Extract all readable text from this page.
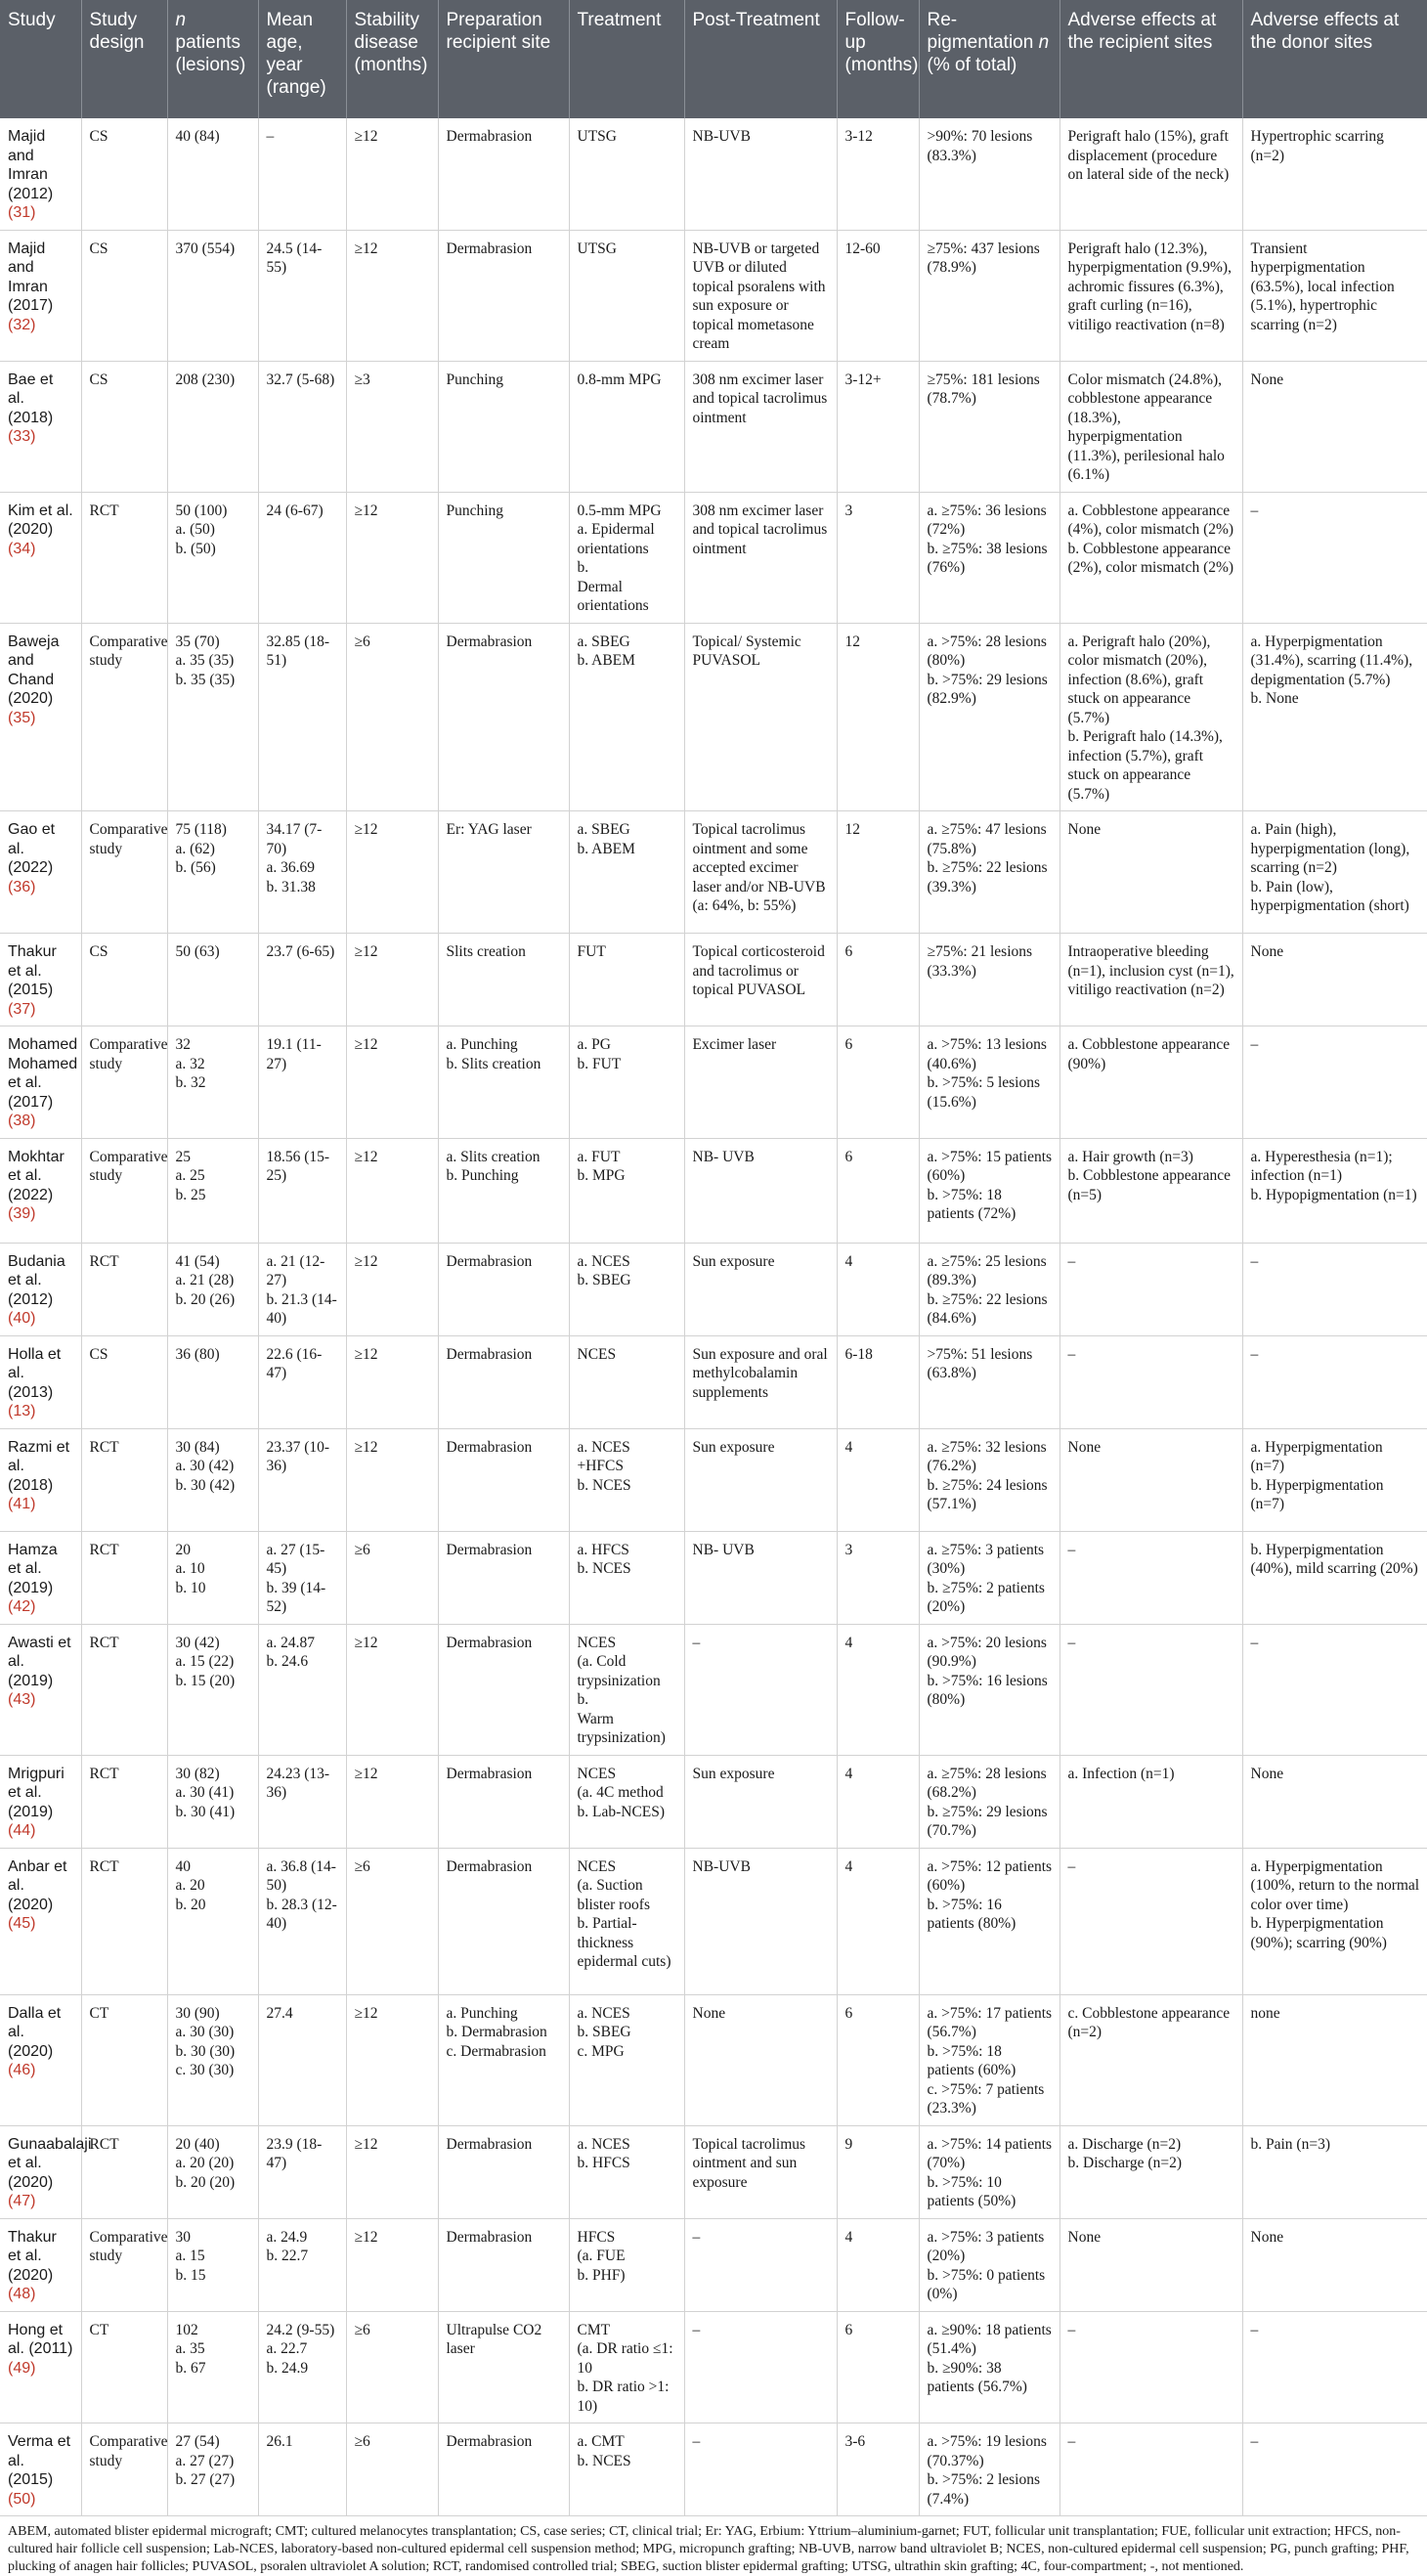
Study	Study design	n patients (lesions)	Mean age, year (range)	Stability disease (months)	Preparation recipient site	Treatment	Post-Treatment	Follow-up (months)	Re-pigmentation n (% of total)	Adverse effects at the recipient sites	Adverse effects at the donor sites
Majid and Imran (2012) (31)	CS	40 (84)	–	≥12	Dermabrasion	UTSG	NB-UVB	3-12	>90%: 70 lesions (83.3%)	Perigraft halo (15%), graft displacement (procedure on lateral side of the neck)	Hypertrophic scarring (n=2)

Majid and Imran (2017) (32)	CS	370 (554)	24.5 (14-55)	≥12	Dermabrasion	UTSG	NB-UVB or targeted UVB or diluted topical psoralens with sun exposure or topical mometasone cream	12-60	≥75%: 437 lesions (78.9%)	Perigraft halo (12.3%), hyperpigmentation (9.9%), achromic fissures (6.3%), graft curling (n=16), vitiligo reactivation (n=8)	Transient hyperpigmentation (63.5%), local infection (5.1%), hypertrophic scarring (n=2)

Bae et al. (2018) (33)	CS	208 (230)	32.7 (5-68)	≥3	Punching	0.8-mm MPG	308 nm excimer laser and topical tacrolimus ointment	3-12+	≥75%: 181 lesions (78.7%)	Color mismatch (24.8%), cobblestone appearance (18.3%), hyperpigmentation (11.3%), perilesional halo (6.1%)	None

Kim et al. (2020) (34)	RCT	50 (100)
a. (50)
b. (50)	24 (6-67)	≥12	Punching	0.5-mm MPG
a. Epidermal orientations
b.
Dermal orientations	308 nm excimer laser and topical tacrolimus ointment	3	a. ≥75%: 36 lesions (72%)
b. ≥75%: 38 lesions (76%)	a. Cobblestone appearance (4%), color mismatch (2%)
b. Cobblestone appearance (2%), color mismatch (2%)	–

Baweja and Chand (2020) (35)	Comparative study	35 (70)
a. 35 (35)
b. 35 (35)	32.85 (18-51)	≥6	Dermabrasion	a. SBEG
b. ABEM	Topical/ Systemic PUVASOL	12	a. >75%: 28 lesions (80%)
b. >75%: 29 lesions (82.9%)	a. Perigraft halo (20%), color mismatch (20%), infection (8.6%), graft stuck on appearance (5.7%)
b. Perigraft halo (14.3%), infection (5.7%), graft stuck on appearance (5.7%)	a. Hyperpigmentation (31.4%), scarring (11.4%), depigmentation (5.7%)
b. None

Gao et al. (2022) (36)	Comparative study	75 (118)
a. (62)
b. (56)	34.17 (7-70)
a. 36.69
b. 31.38	≥12	Er: YAG laser	a. SBEG
b. ABEM	Topical tacrolimus ointment and some accepted excimer laser and/or NB-UVB (a: 64%, b: 55%)	12	a. ≥75%: 47 lesions (75.8%)
b. ≥75%: 22 lesions (39.3%)	None	a. Pain (high), hyperpigmentation (long), scarring (n=2)
b. Pain (low), hyperpigmentation (short)

Thakur et al. (2015) (37)	CS	50 (63)	23.7 (6-65)	≥12	Slits creation	FUT	Topical corticosteroid and tacrolimus or topical PUVASOL	6	≥75%: 21 lesions (33.3%)	Intraoperative bleeding (n=1), inclusion cyst (n=1), vitiligo reactivation (n=2)	None

Mohamed Mohamed et al. (2017) (38)	Comparative study	32
a. 32
b. 32	19.1 (11-27)	≥12	a. Punching
b. Slits creation	a. PG
b. FUT	Excimer laser	6	a. >75%: 13 lesions (40.6%)
b. >75%: 5 lesions (15.6%)	a. Cobblestone appearance (90%)	–

Mokhtar et al. (2022) (39)	Comparative study	25
a. 25
b. 25	18.56 (15-25)	≥12	a. Slits creation
b. Punching	a. FUT
b. MPG	NB- UVB	6	a. >75%: 15 patients (60%)
b. >75%: 18 patients (72%)	a. Hair growth (n=3)
b. Cobblestone appearance (n=5)	a. Hyperesthesia (n=1); infection (n=1)
b. Hypopigmentation (n=1)

Budania et al. (2012) (40)	RCT	41 (54)
a. 21 (28)
b. 20 (26)	a. 21 (12-27)
b. 21.3 (14-40)	≥12	Dermabrasion	a. NCES
b. SBEG	Sun exposure	4	a. ≥75%: 25 lesions (89.3%)
b. ≥75%: 22 lesions (84.6%)	–	–

Holla et al. (2013) (13)	CS	36 (80)	22.6 (16-47)	≥12	Dermabrasion	NCES	Sun exposure and oral methylcobalamin supplements	6-18	>75%: 51 lesions (63.8%)	–	–

Razmi et al. (2018) (41)	RCT	30 (84)
a. 30 (42)
b. 30 (42)	23.37 (10-36)	≥12	Dermabrasion	a. NCES +HFCS
b. NCES	Sun exposure	4	a. ≥75%: 32 lesions (76.2%)
b. ≥75%: 24 lesions (57.1%)	None	a. Hyperpigmentation (n=7)
b. Hyperpigmentation (n=7)

Hamza et al. (2019) (42)	RCT	20
a. 10
b. 10	a. 27 (15-45)
b. 39 (14-52)	≥6	Dermabrasion	a. HFCS
b. NCES	NB- UVB	3	a. ≥75%: 3 patients (30%)
b. ≥75%: 2 patients (20%)	–	b. Hyperpigmentation (40%), mild scarring (20%)

Awasti et al. (2019) (43)	RCT	30 (42)
a. 15 (22)
b. 15 (20)	a. 24.87
b. 24.6	≥12	Dermabrasion	NCES
(a. Cold trypsinization
b.
Warm trypsinization)	–	4	a. >75%: 20 lesions (90.9%)
b. >75%: 16 lesions (80%)	–	–

Mrigpuri et al. (2019) (44)	RCT	30 (82)
a. 30 (41)
b. 30 (41)	24.23 (13-36)	≥12	Dermabrasion	NCES
(a. 4C method
b. Lab-NCES)	Sun exposure	4	a. ≥75%: 28 lesions (68.2%)
b. ≥75%: 29 lesions (70.7%)	a. Infection (n=1)	None

Anbar et al. (2020) (45)	RCT	40
a. 20
b. 20	a. 36.8 (14-50)
b. 28.3 (12-40)	≥6	Dermabrasion	NCES
(a. Suction blister roofs
b. Partial-thickness epidermal cuts)	NB-UVB	4	a. >75%: 12 patients (60%)
b. >75%: 16 patients (80%)	–	a. Hyperpigmentation (100%, return to the normal color over time)
b. Hyperpigmentation (90%); scarring (90%)

Dalla et al. (2020) (46)	CT	30 (90)
a. 30 (30)
b. 30 (30)
c. 30 (30)	27.4	≥12	a. Punching
b. Dermabrasion
c. Dermabrasion	a. NCES
b. SBEG
c. MPG	None	6	a. >75%: 17 patients (56.7%)
b. >75%: 18 patients (60%)
c. >75%: 7 patients (23.3%)	c. Cobblestone appearance (n=2)	none

Gunaabalaji et al. (2020) (47)	RCT	20 (40)
a. 20 (20)
b. 20 (20)	23.9 (18-47)	≥12	Dermabrasion	a. NCES
b. HFCS	Topical tacrolimus ointment and sun exposure	9	a. >75%: 14 patients (70%)
b. >75%: 10 patients (50%)	a. Discharge (n=2)
b. Discharge (n=2)	b. Pain (n=3)

Thakur et al. (2020) (48)	Comparative study	30
a. 15
b. 15	a. 24.9
b. 22.7	≥12	Dermabrasion	HFCS
(a. FUE
b. PHF)	–	4	a. >75%: 3 patients (20%)
b. >75%: 0 patients (0%)	None	None

Hong et al. (2011) (49)	CT	102
a. 35
b. 67	24.2 (9-55)
a. 22.7
b. 24.9	≥6	Ultrapulse CO2 laser	CMT
(a. DR ratio ≤1: 10
b. DR ratio >1: 10)	–	6	a. ≥90%: 18 patients (51.4%)
b. ≥90%: 38 patients (56.7%)	–	–

Verma et al. (2015) (50)	Comparative study	27 (54)
a. 27 (27)
b. 27 (27)	26.1	≥6	Dermabrasion	a. CMT
b. NCES	–	3-6	a. >75%: 19 lesions (70.37%)
b. >75%: 2 lesions (7.4%)	–	–
ABEM, automated blister epidermal micrograft; CMT; cultured melanocytes transplantation; CS, case series; CT, clinical trial; Er: YAG, Erbium: Yttrium–aluminium-garnet; FUT, follicular unit transplantation; FUE, follicular unit extraction; HFCS, non-cultured hair follicle cell suspension; Lab-NCES, laboratory-based non-cultured epidermal cell suspension method; MPG, micropunch grafting; NB-UVB, narrow band ultraviolet B; NCES, non-cultured epidermal cell suspension; PG, punch grafting; PHF, plucking of anagen hair follicles; PUVASOL, psoralen ultraviolet A solution; RCT, randomised controlled trial; SBEG, suction blister epidermal grafting; UTSG, ultrathin skin grafting; 4C, four-compartment; -, not mentioned.
